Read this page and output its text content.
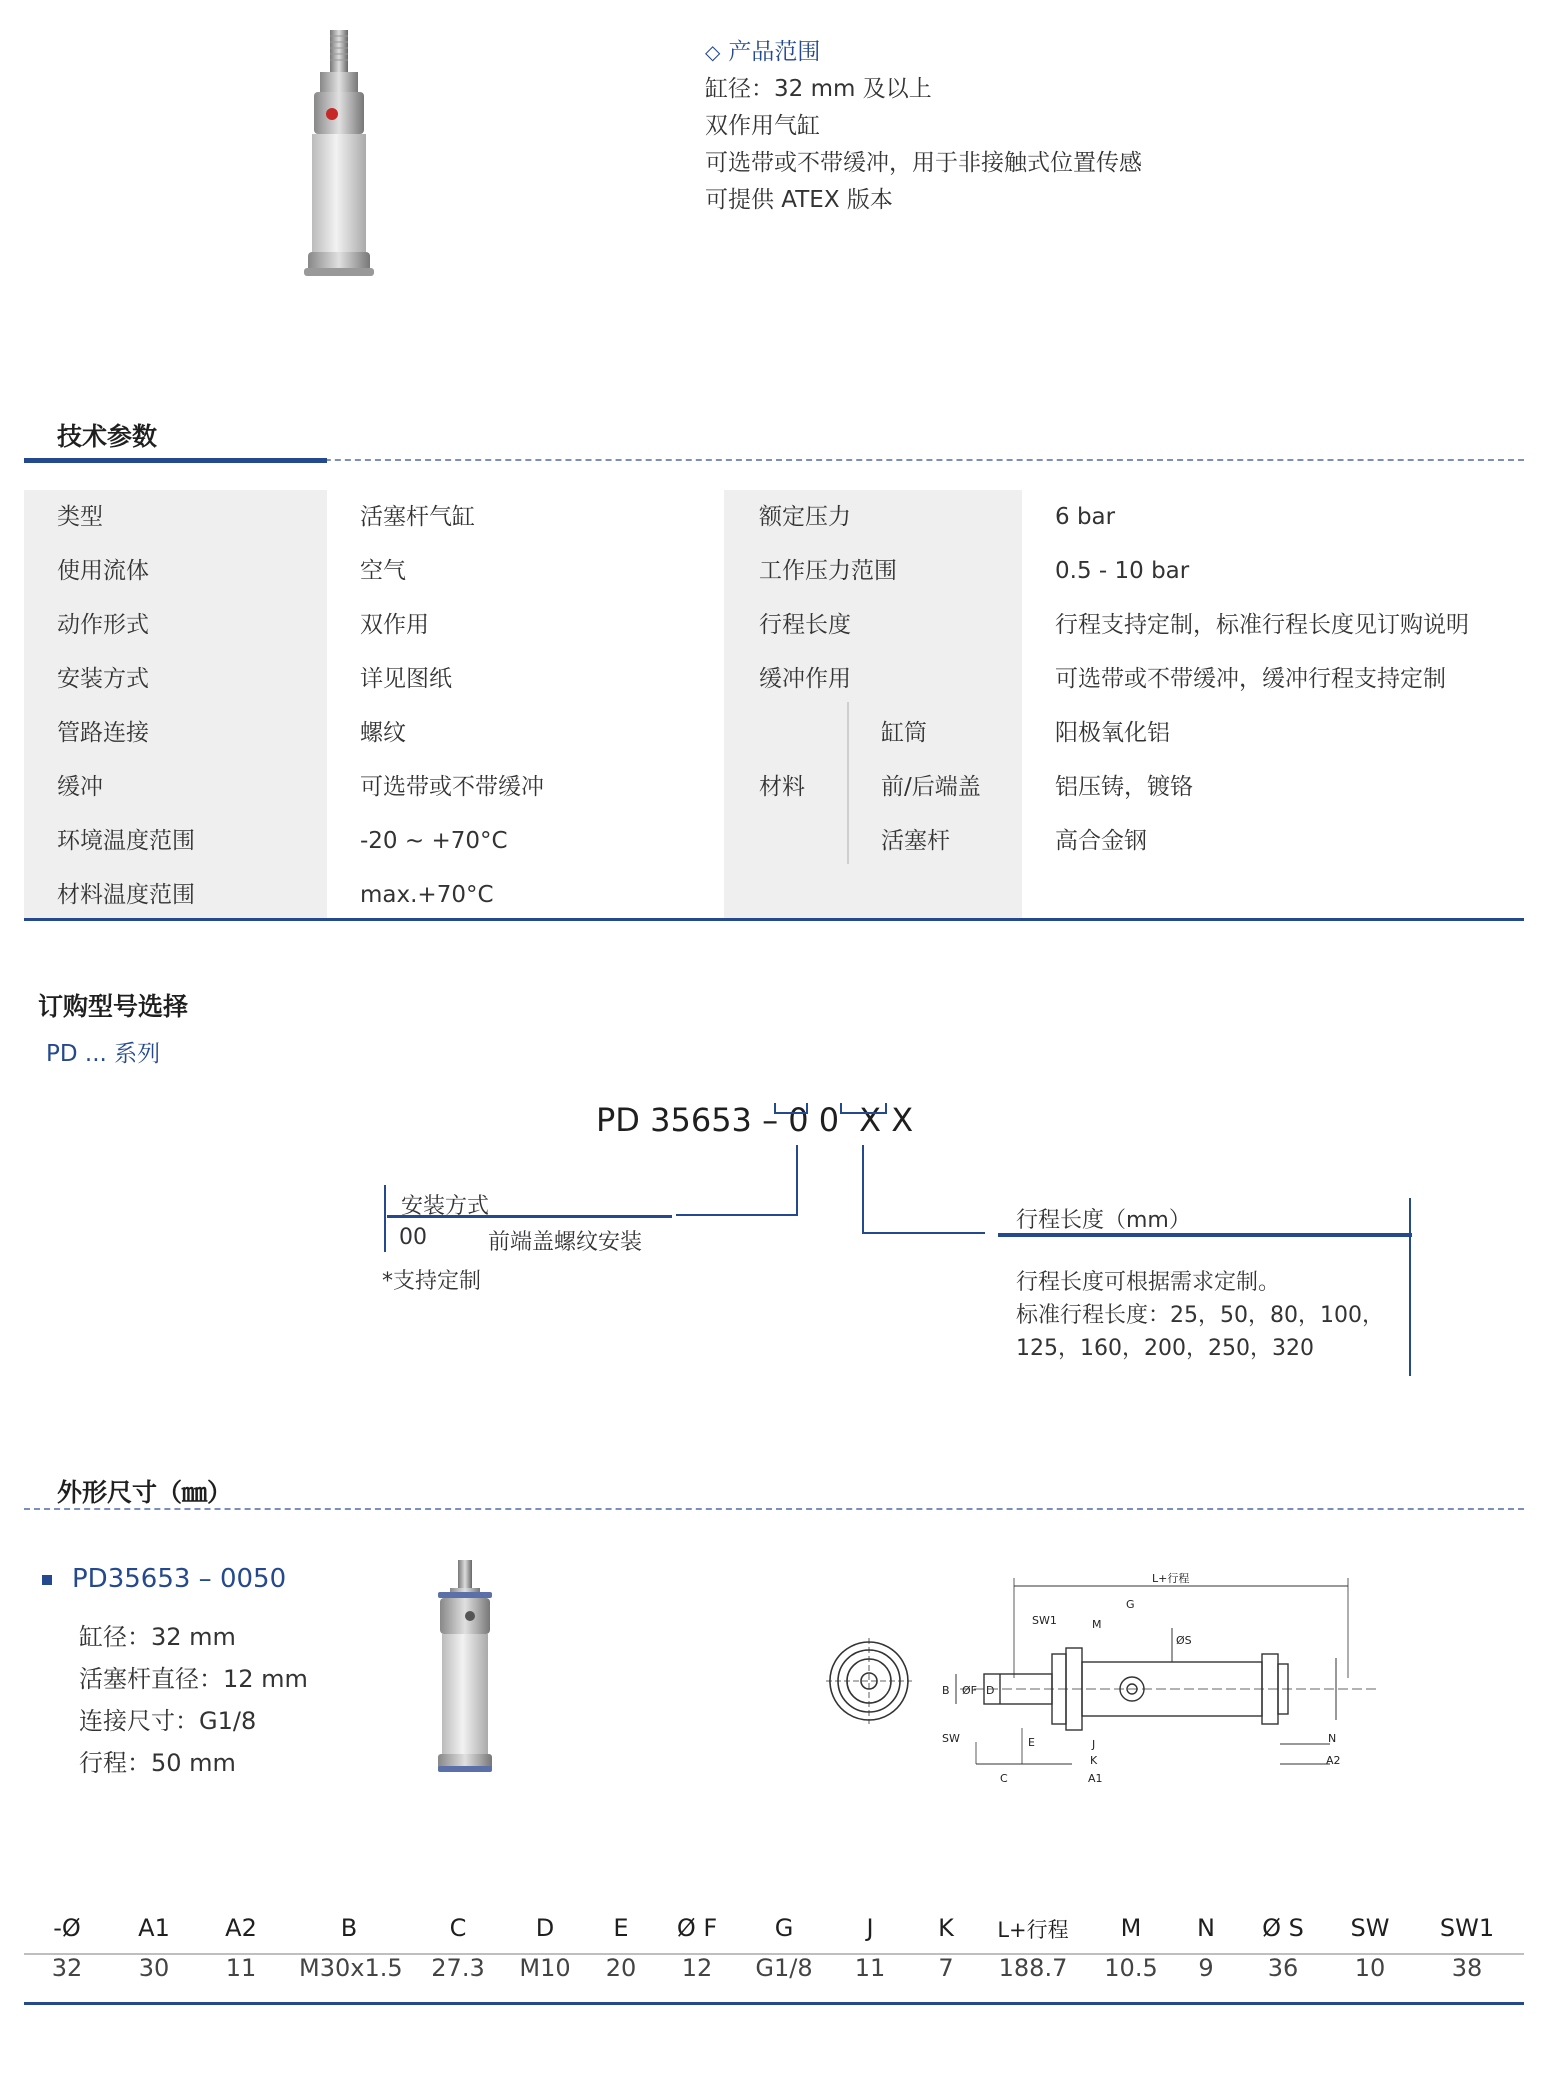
◇ 产品范围
缸径：32 mm 及以上
双作用气缸
可选带或不带缓冲，用于非接触式位置传感
可提供 ATEX 版本
技术参数
类型	活塞杆气缸
使用流体	空气
动作形式	双作用
安装方式	详见图纸
管路连接	螺纹
缓冲	可选带或不带缓冲
环境温度范围	-20 ~ +70°C
材料温度范围	max.+70°C
额定压力	6 bar
工作压力范围	0.5 - 10 bar
行程长度	行程支持定制，标准行程长度见订购说明
缓冲作用	可选带或不带缓冲，缓冲行程支持定制
材料
缸筒	阳极氧化铝
前/后端盖	铝压铸，镀铬
活塞杆	高合金钢
订购型号选择
PD ... 系列
PD 35653 – 0 0 X X
安装方式
00	前端盖螺纹安装
*支持定制
行程长度（mm）
行程长度可根据需求定制。
标准行程长度：25，50，80，100，
125，160，200，250，320
外形尺寸（㎜）
PD35653 – 0050
缸径：32 mm
活塞杆直径：12 mm
连接尺寸：G1/8
行程：50 mm
L+行程
SW1
G
M
ØS
B ØF D
SW	E	J
K
C	A1
N
A2
-Ø	A1	A2	B	C	D	E	Ø F	G	J	K	L+行程	M	N	Ø S	SW	SW1
32	30	11	M30x1.5	27.3	M10	20	12	G1/8	11	7	188.7	10.5	9	36	10	38
